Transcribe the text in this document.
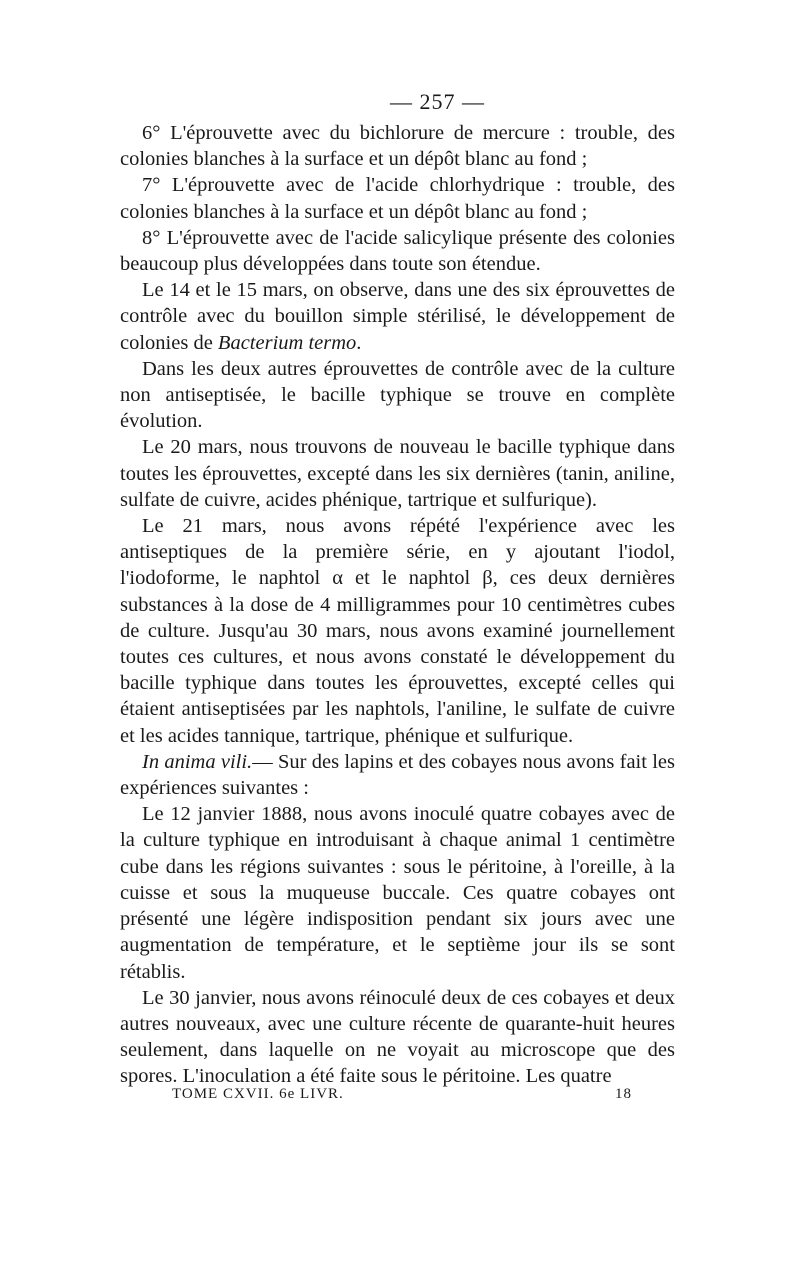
— 257 —

6° L'éprouvette avec du bichlorure de mercure : trouble, des colonies blanches à la surface et un dépôt blanc au fond ;

7° L'éprouvette avec de l'acide chlorhydrique : trouble, des colonies blanches à la surface et un dépôt blanc au fond ;

8° L'éprouvette avec de l'acide salicylique présente des colonies beaucoup plus développées dans toute son étendue.

Le 14 et le 15 mars, on observe, dans une des six éprouvettes de contrôle avec du bouillon simple stérilisé, le développement de colonies de Bacterium termo.

Dans les deux autres éprouvettes de contrôle avec de la culture non antiseptisée, le bacille typhique se trouve en complète évolution.

Le 20 mars, nous trouvons de nouveau le bacille typhique dans toutes les éprouvettes, excepté dans les six dernières (tanin, aniline, sulfate de cuivre, acides phénique, tartrique et sulfurique).

Le 21 mars, nous avons répété l'expérience avec les antiseptiques de la première série, en y ajoutant l'iodol, l'iodoforme, le naphtol α et le naphtol β, ces deux dernières substances à la dose de 4 milligrammes pour 10 centimètres cubes de culture. Jusqu'au 30 mars, nous avons examiné journellement toutes ces cultures, et nous avons constaté le développement du bacille typhique dans toutes les éprouvettes, excepté celles qui étaient antiseptisées par les naphtols, l'aniline, le sulfate de cuivre et les acides tannique, tartrique, phénique et sulfurique.

In anima vili.— Sur des lapins et des cobayes nous avons fait les expériences suivantes :

Le 12 janvier 1888, nous avons inoculé quatre cobayes avec de la culture typhique en introduisant à chaque animal 1 centimètre cube dans les régions suivantes : sous le péritoine, à l'oreille, à la cuisse et sous la muqueuse buccale. Ces quatre cobayes ont présenté une légère indisposition pendant six jours avec une augmentation de température, et le septième jour ils se sont rétablis.

Le 30 janvier, nous avons réinoculé deux de ces cobayes et deux autres nouveaux, avec une culture récente de quarante-huit heures seulement, dans laquelle on ne voyait au microscope que des spores. L'inoculation a été faite sous le péritoine. Les quatre

TOME CXVII. 6e LIVR.	18
